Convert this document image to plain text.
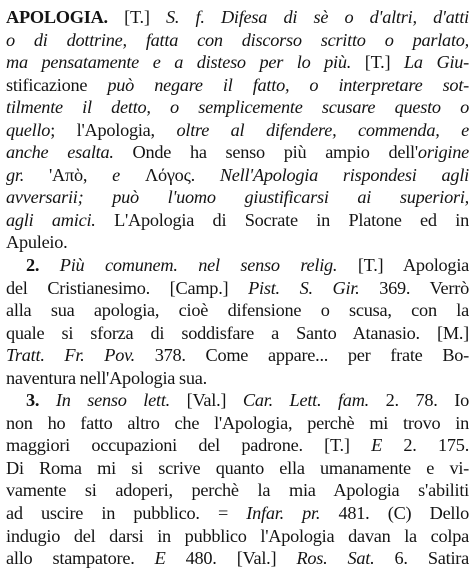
APOLOGIA. [T.] S. f. Difesa di sè o d'altri, d'atti
o di dottrine, fatta con discorso scritto o parlato,
ma pensatamente e a disteso per lo più. [T.] La Giu-
stificazione può negare il fatto, o interpretare sot-
tilmente il detto, o semplicemente scusare questo o
quello; l'Apologia, oltre al difendere, commenda, e
anche esalta. Onde ha senso più ampio dell'origine
gr. 'Απὸ, e Λόγος. Nell'Apologia rispondesi agli
avversarii; può l'uomo giustificarsi ai superiori,
agli amici. L'Apologia di Socrate in Platone ed in
Apuleio.
2. Più comunem. nel senso relig. [T.] Apologia
del Cristianesimo. [Camp.] Pist. S. Gir. 369. Verrò
alla sua apologia, cioè difensione o scusa, con la
quale si sforza di soddisfare a Santo Atanasio. [M.]
Tratt. Fr. Pov. 378. Come appare... per frate Bo-
naventura nell'Apologia sua.
3. In senso lett. [Val.] Car. Lett. fam. 2. 78. Io
non ho fatto altro che l'Apologia, perchè mi trovo in
maggiori occupazioni del padrone. [T.] E 2. 175.
Di Roma mi si scrive quanto ella umanamente e vi-
vamente si adoperi, perchè la mia Apologia s'abiliti
ad uscire in pubblico. = Infar. pr. 481. (C) Dello
indugio del darsi in pubblico l'Apologia davan la colpa
allo stampatore. E 480. [Val.] Ros. Sat. 6. Satira
